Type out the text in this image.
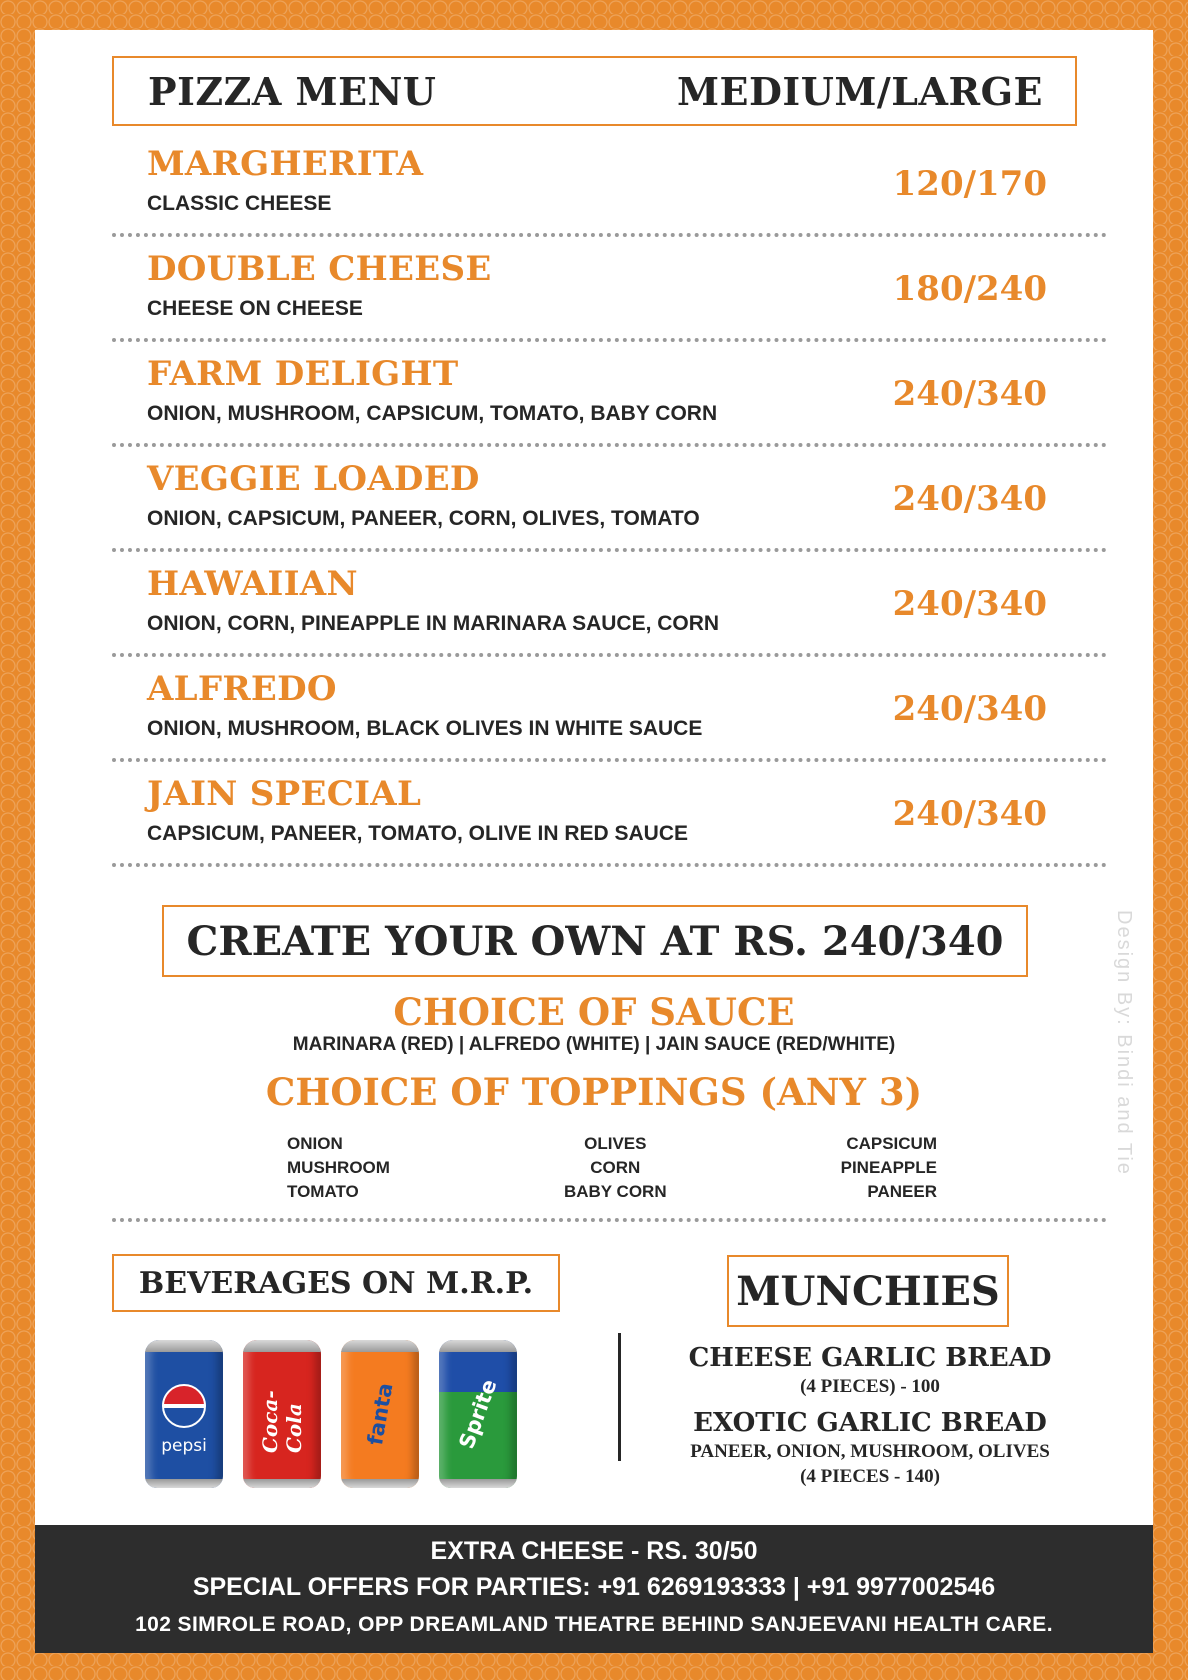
PIZZA MENU	MEDIUM/LARGE
MARGHERITA
CLASSIC CHEESE	120/170
DOUBLE CHEESE
CHEESE ON CHEESE	180/240
FARM DELIGHT
ONION, MUSHROOM, CAPSICUM, TOMATO, BABY CORN	240/340
VEGGIE LOADED
ONION, CAPSICUM, PANEER, CORN, OLIVES, TOMATO	240/340
HAWAIIAN
ONION, CORN, PINEAPPLE IN MARINARA SAUCE, CORN	240/340
ALFREDO
ONION, MUSHROOM, BLACK OLIVES IN WHITE SAUCE	240/340
JAIN SPECIAL
CAPSICUM, PANEER, TOMATO, OLIVE IN RED SAUCE	240/340
CREATE YOUR OWN AT RS. 240/340
CHOICE OF SAUCE
MARINARA (RED) | ALFREDO (WHITE) | JAIN SAUCE (RED/WHITE)
CHOICE OF TOPPINGS (ANY 3)
ONION
MUSHROOM
TOMATO
OLIVES
CORN
BABY CORN
CAPSICUM
PINEAPPLE
PANEER
BEVERAGES ON M.R.P.
pepsi	Coca-Cola	fanta	Sprite
MUNCHIES
CHEESE GARLIC BREAD
(4 PIECES) - 100
EXOTIC GARLIC BREAD
PANEER, ONION, MUSHROOM, OLIVES
(4 PIECES - 140)
Design By: Bindi and Tie
EXTRA CHEESE - RS. 30/50
SPECIAL OFFERS FOR PARTIES: +91 6269193333 | +91 9977002546
102 SIMROLE ROAD, OPP DREAMLAND THEATRE BEHIND SANJEEVANI HEALTH CARE.
